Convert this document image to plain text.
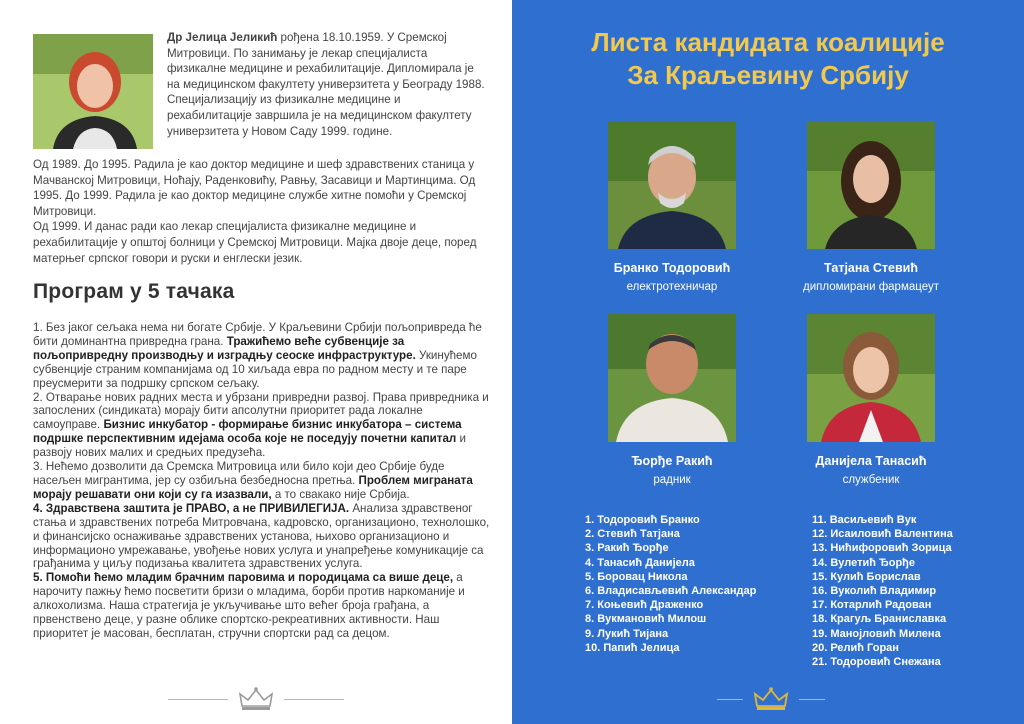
Др Јелица Јеликић рођена 18.10.1959. У Сремској Митровици. По занимању је лекар специјалиста физикалне медицине и рехабилитације. Дипломирала је на медицинском факултету универзитета у Београду 1988. Специјализацију из физикалне медицине и рехабилитације завршила је на медицинском факултету универзитета у Новом Саду 1999. године.

Од 1989. До 1995. Радила је као доктор медицине и шеф здравствених станица у Мачванској Митровици, Ноћају, Раденковићу, Равњу, Засавици и Мартинцима. Од 1995. До 1999. Радила је као доктор медицине службе хитне помоћи у Сремској Митровици.

Од 1999. И данас ради као лекар специјалиста физикалне медицине и рехабилитације у општој болници у Сремској Митровици. Мајка двоје деце, поред матерњег српског говори и руски и енглески језик.

Програм у 5 тачака

1. Без јаког сељака нема ни богате Србије. У Краљевини Србији пољопривреда ће бити доминантна привредна грана. Тражићемо веће субвенције за пољопривредну производњу и изградњу сеоске инфраструктуре. Укинућемо субвенције страним компанијама од 10 хиљада евра по радном месту и те паре преусмерити за подршку српском сељаку.

2. Отварање нових радних места и убрзани привредни развој. Права привредника и запослених (синдиката) морају бити апсолутни приоритет рада локалне самоуправе. Бизнис инкубатор - формирање бизнис инкубатора – система подршке перспективним идејама особа које не поседују почетни капитал и развоју нових малих и средњих предузећа.

3. Нећемо дозволити да Сремска Митровица или било који део Србије буде насељен мигрантима, јер су озбиљна безбедносна претња. Проблем миграната морају решавати они који су га изазвали, а то свакако није Србија.

4. Здравствена заштита је ПРАВО, а не ПРИВИЛЕГИЈА. Анализа здравственог стања и здравствених потреба Митровчана, кадровско, организационо, технолошко, и финансијско оснаживање здравствених установа, њихово организационо и информационо умрежавање, увођење нових услуга и унапређење комуникације са грађанима у циљу подизања квалитета здравствених услуга.

5. Помоћи ћемо младим брачним паровима и породицама са више деце, а нарочиту пажњу ћемо посветити бризи о младима, борби против наркоманије и алкохолизма. Наша стратегија је укључивање што већег броја грађана, а првенствено деце, у разне облике спортско-рекреативних активности. Наш приоритет је масован, бесплатан, стручни спортски рад са децом.

Листа кандидата коалиције
За Краљевину Србију
Бранко Тодоровић
електротехничар
Татјана Стевић
дипломирани фармацеут
Ђорђе Ракић
радник
Данијела Танасић
службеник
1. Тодоровић Бранко
2. Стевић Татјана
3. Ракић Ђорђе
4. Танасић Данијела
5. Боровац Никола
6. Владисављевић Александар
7. Коњевић Драженко
8. Вукмановић Милош
9. Лукић Тијана
10. Папић Јелица
11. Васиљевић Вук
12. Исаиловић Валентина
13. Нићифоровић Зорица
14. Вулетић Ђорђе
15. Кулић Борислав
16. Вуколић Владимир
17. Котарлић Радован
18. Крагуљ Браниславка
19. Манојловић Милена
20. Релић Горан
21. Тодоровић Снежана
